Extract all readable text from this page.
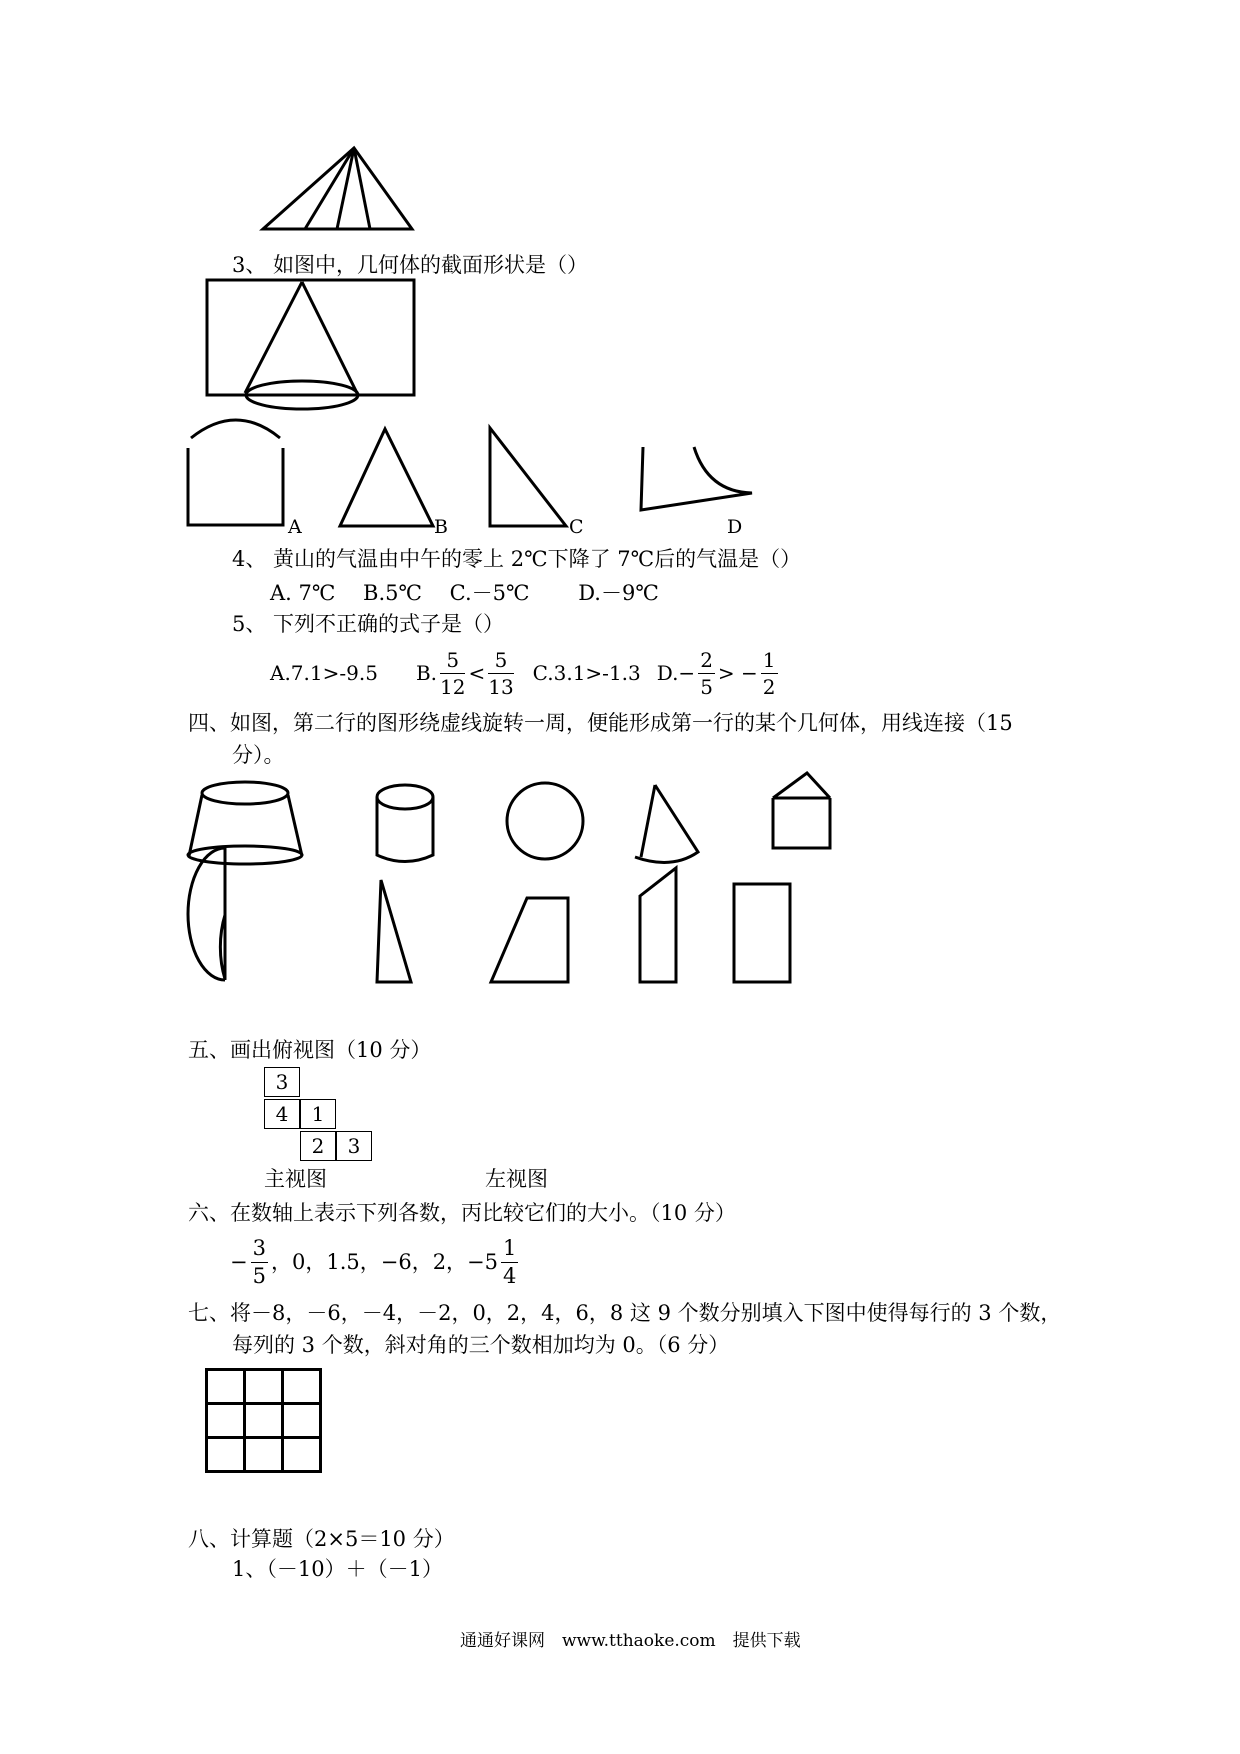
3、 如图中，几何体的截面形状是（）
A	B	C	D
4、 黄山的气温由中午的零上 2℃下降了 7℃后的气温是（）
A. 7℃　 B.5℃　 C.－5℃　　 D.－9℃
5、 下列不正确的式子是（）
A.7.1>-9.5 B. $\frac{5}{12} < \frac{5}{13} C.3.1>-1.3$ $D.- \frac{2}{5}$ > − $\frac{1}{2}$
四、如图，第二行的图形绕虚线旋转一周，便能形成第一行的某个几何体，用线连接（15
分）。
五、画出俯视图（10 分）
3
4	1
2	3
主视图	左视图
六、在数轴上表示下列各数，丙比较它们的大小。（10 分）
− $\frac{3}{5}$ ，0，1.5，−6，2，$-5 \frac{1}{4}$
七、将－8，－6，－4，－2，0，2，4，6，8 这 9 个数分别填入下图中使得每行的 3 个数，
每列的 3 个数，斜对角的三个数相加均为 0。（6 分）

八、计算题（2×5＝10 分）
1、（－10）＋（－1）
通通好课网　www.tthaoke.com　提供下载
